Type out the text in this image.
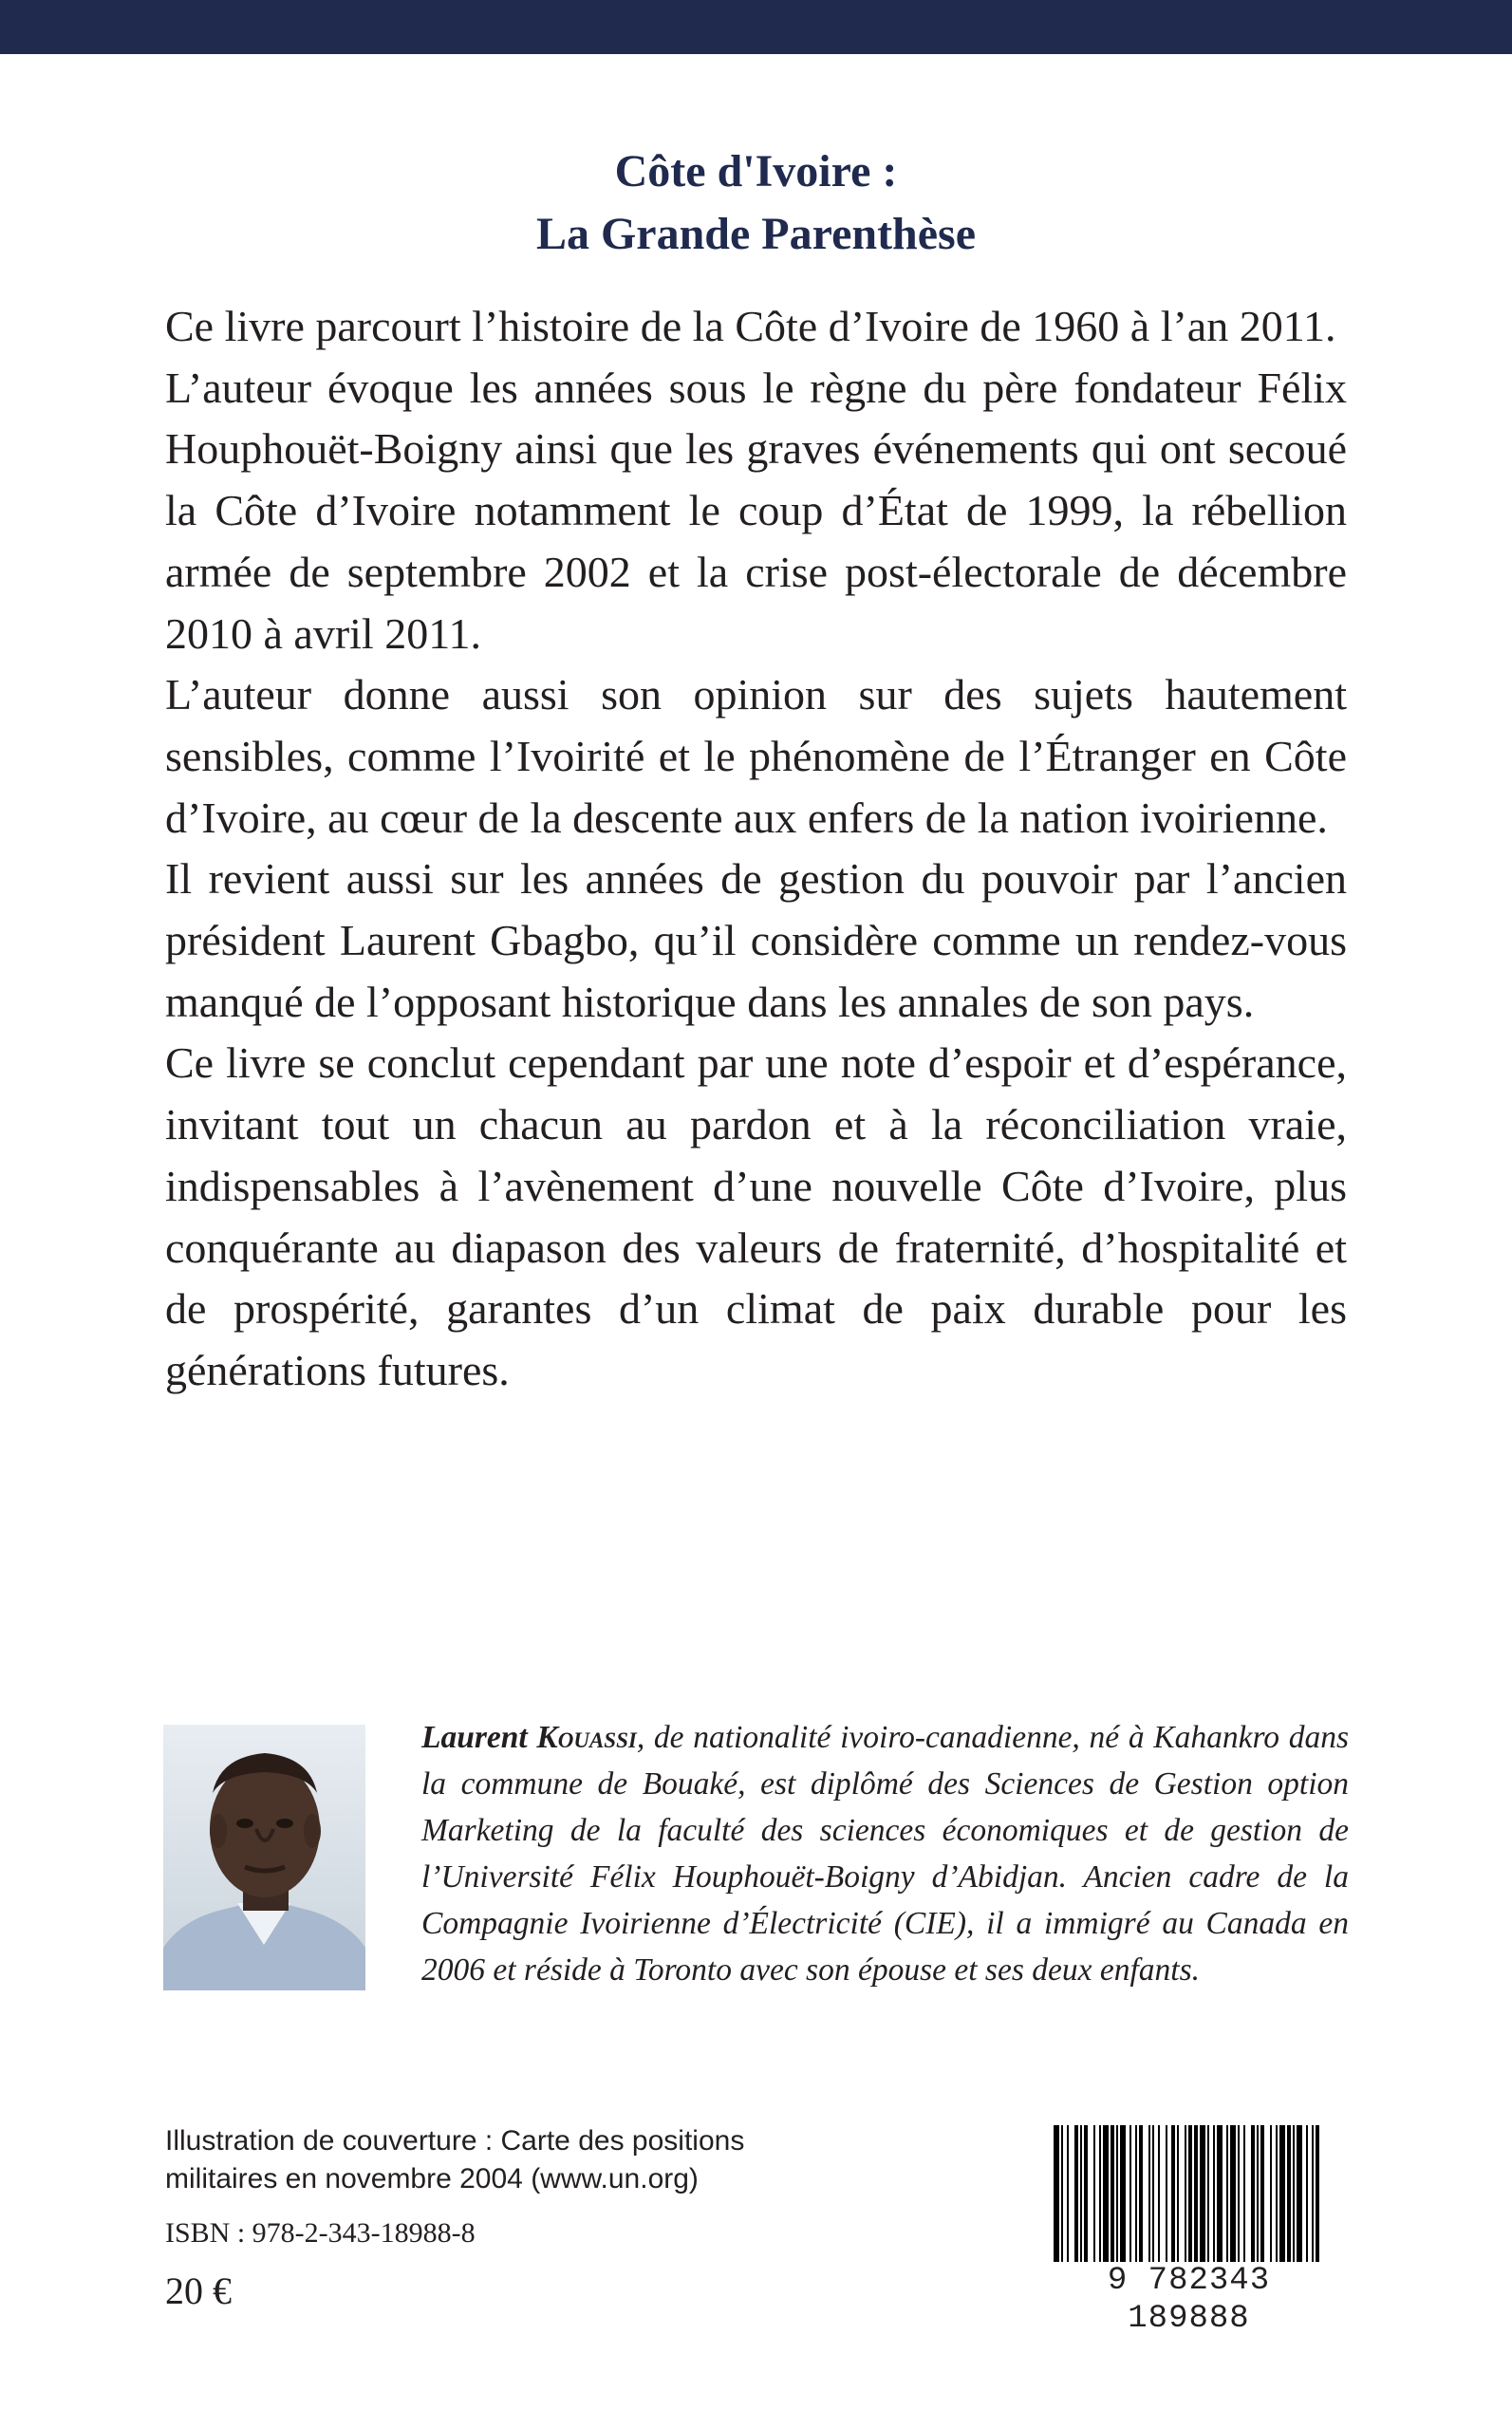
Côte d'Ivoire :
La Grande Parenthèse

Ce livre parcourt l’histoire de la Côte d’Ivoire de 1960 à l’an 2011.

L’auteur évoque les années sous le règne du père fondateur Félix Houphouët-Boigny ainsi que les graves événements qui ont secoué la Côte d’Ivoire notamment le coup d’État de 1999, la rébellion armée de septembre 2002 et la crise post-électorale de décembre 2010 à avril 2011.

L’auteur donne aussi son opinion sur des sujets hautement sensibles, comme l’Ivoirité et le phénomène de l’Étranger en Côte d’Ivoire, au cœur de la descente aux enfers de la nation ivoirienne.

Il revient aussi sur les années de gestion du pouvoir par l’ancien président Laurent Gbagbo, qu’il considère comme un rendez-vous manqué de l’opposant historique dans les annales de son pays.

Ce livre se conclut cependant par une note d’espoir et d’espérance, invitant tout un chacun au pardon et à la réconciliation vraie, indispensables à l’avènement d’une nouvelle Côte d’Ivoire, plus conquérante au diapason des valeurs de fraternité, d’hospitalité et de prospérité, garantes d’un climat de paix durable pour les générations futures.

Laurent Kouassi, de nationalité ivoiro-canadienne, né à Kahankro dans la commune de Bouaké, est diplômé des Sciences de Gestion option Marketing de la faculté des sciences économiques et de gestion de l’Université Félix Houphouët-Boigny d’Abidjan. Ancien cadre de la Compagnie Ivoirienne d’Électricité (CIE), il a immigré au Canada en 2006 et réside à Toronto avec son épouse et ses deux enfants.
Illustration de couverture : Carte des positions
militaires en novembre 2004 (www.un.org)
ISBN : 978-2-343-18988-8
20 €	9 782343 189888
